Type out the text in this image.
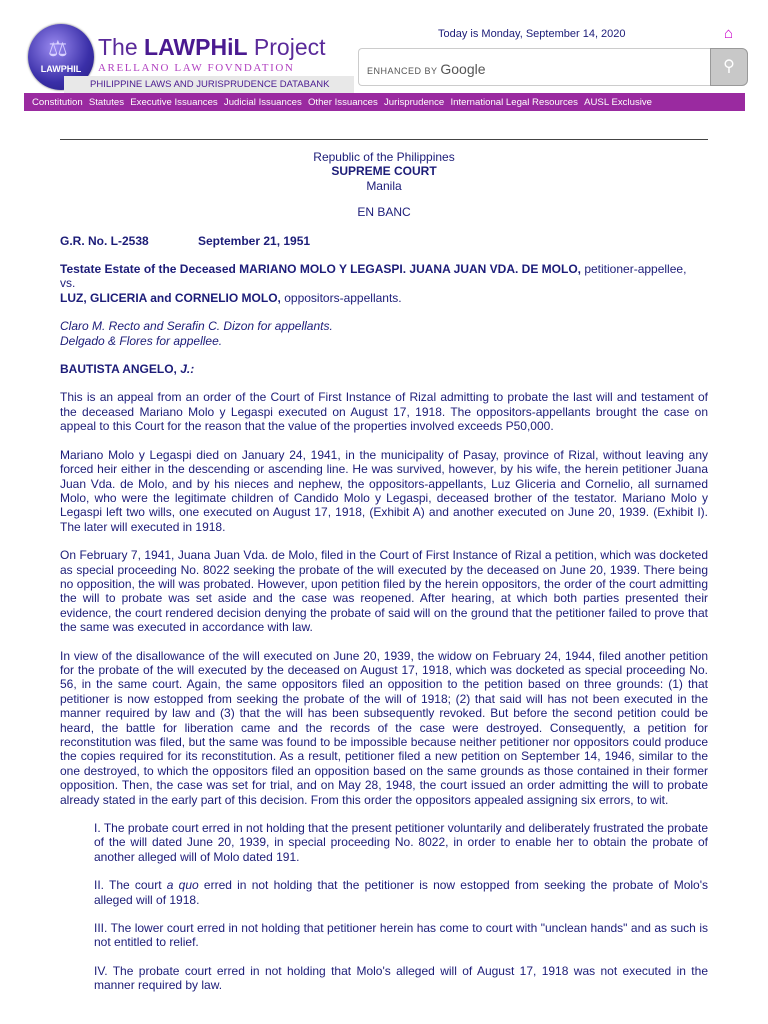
⚖
LAWPHIL
The LAWPHiL Project
ARELLANO LAW FOVNDATION
PHILIPPINE LAWS AND JURISPRUDENCE DATABANK
Today is Monday, September 14, 2020	⌂
ENHANCED BY Google	⚲
Constitution Statutes Executive Issuances Judicial Issuances Other Issuances Jurisprudence International Legal Resources AUSL Exclusive
Republic of the Philippines
SUPREME COURT
Manila
EN BANC
G.R. No. L-2538	September 21, 1951
Testate Estate of the Deceased MARIANO MOLO Y LEGASPI. JUANA JUAN VDA. DE MOLO, petitioner-appellee,
vs.
LUZ, GLICERIA and CORNELIO MOLO, oppositors-appellants.
Claro M. Recto and Serafin C. Dizon for appellants.
Delgado & Flores for appellee.
BAUTISTA ANGELO, J.:

This is an appeal from an order of the Court of First Instance of Rizal admitting to probate the last will and testament of the deceased Mariano Molo y Legaspi executed on August 17, 1918. The oppositors-appellants brought the case on appeal to this Court for the reason that the value of the properties involved exceeds P50,000.

Mariano Molo y Legaspi died on January 24, 1941, in the municipality of Pasay, province of Rizal, without leaving any forced heir either in the descending or ascending line. He was survived, however, by his wife, the herein petitioner Juana Juan Vda. de Molo, and by his nieces and nephew, the oppositors-appellants, Luz Gliceria and Cornelio, all surnamed Molo, who were the legitimate children of Candido Molo y Legaspi, deceased brother of the testator. Mariano Molo y Legaspi left two wills, one executed on August 17, 1918, (Exhibit A) and another executed on June 20, 1939. (Exhibit I). The later will executed in 1918.

On February 7, 1941, Juana Juan Vda. de Molo, filed in the Court of First Instance of Rizal a petition, which was docketed as special proceeding No. 8022 seeking the probate of the will executed by the deceased on June 20, 1939. There being no opposition, the will was probated. However, upon petition filed by the herein oppositors, the order of the court admitting the will to probate was set aside and the case was reopened. After hearing, at which both parties presented their evidence, the court rendered decision denying the probate of said will on the ground that the petitioner failed to prove that the same was executed in accordance with law.

In view of the disallowance of the will executed on June 20, 1939, the widow on February 24, 1944, filed another petition for the probate of the will executed by the deceased on August 17, 1918, which was docketed as special proceeding No. 56, in the same court. Again, the same oppositors filed an opposition to the petition based on three grounds: (1) that petitioner is now estopped from seeking the probate of the will of 1918; (2) that said will has not been executed in the manner required by law and (3) that the will has been subsequently revoked. But before the second petition could be heard, the battle for liberation came and the records of the case were destroyed. Consequently, a petition for reconstitution was filed, but the same was found to be impossible because neither petitioner nor oppositors could produce the copies required for its reconstitution. As a result, petitioner filed a new petition on September 14, 1946, similar to the one destroyed, to which the oppositors filed an opposition based on the same grounds as those contained in their former opposition. Then, the case was set for trial, and on May 28, 1948, the court issued an order admitting the will to probate already stated in the early part of this decision. From this order the oppositors appealed assigning six errors, to wit.

I. The probate court erred in not holding that the present petitioner voluntarily and deliberately frustrated the probate of the will dated June 20, 1939, in special proceeding No. 8022, in order to enable her to obtain the probate of another alleged will of Molo dated 191.

II. The court a quo erred in not holding that the petitioner is now estopped from seeking the probate of Molo's alleged will of 1918.

III. The lower court erred in not holding that petitioner herein has come to court with "unclean hands" and as such is not entitled to relief.

IV. The probate court erred in not holding that Molo's alleged will of August 17, 1918 was not executed in the manner required by law.
